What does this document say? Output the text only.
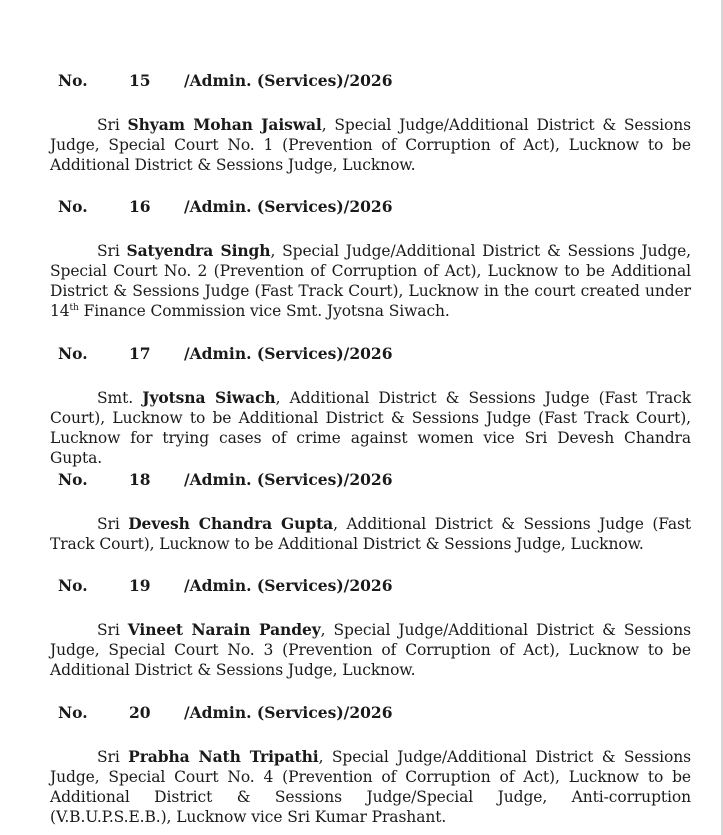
No.	15 /Admin. (Services)/2026
Sri Shyam Mohan Jaiswal, Special Judge/Additional District & Sessions Judge, Special Court No. 1 (Prevention of Corruption of Act), Lucknow to be Additional District & Sessions Judge, Lucknow.
No.	16 /Admin. (Services)/2026
Sri Satyendra Singh, Special Judge/Additional District & Sessions Judge, Special Court No. 2 (Prevention of Corruption of Act), Lucknow to be Additional District & Sessions Judge (Fast Track Court), Lucknow in the court created under 14th Finance Commission vice Smt. Jyotsna Siwach.
No.	17 /Admin. (Services)/2026
Smt. Jyotsna Siwach, Additional District & Sessions Judge (Fast Track Court), Lucknow to be Additional District & Sessions Judge (Fast Track Court), Lucknow for trying cases of crime against women vice Sri Devesh Chandra Gupta.
No.	18 /Admin. (Services)/2026
Sri Devesh Chandra Gupta, Additional District & Sessions Judge (Fast Track Court), Lucknow to be Additional District & Sessions Judge, Lucknow.
No.	19 /Admin. (Services)/2026
Sri Vineet Narain Pandey, Special Judge/Additional District & Sessions Judge, Special Court No. 3 (Prevention of Corruption of Act), Lucknow to be Additional District & Sessions Judge, Lucknow.
No.	20 /Admin. (Services)/2026
Sri Prabha Nath Tripathi, Special Judge/Additional District & Sessions Judge, Special Court No. 4 (Prevention of Corruption of Act), Lucknow to be Additional District & Sessions Judge/Special Judge, Anti-corruption (V.B.U.P.S.E.B.), Lucknow vice Sri Kumar Prashant.
